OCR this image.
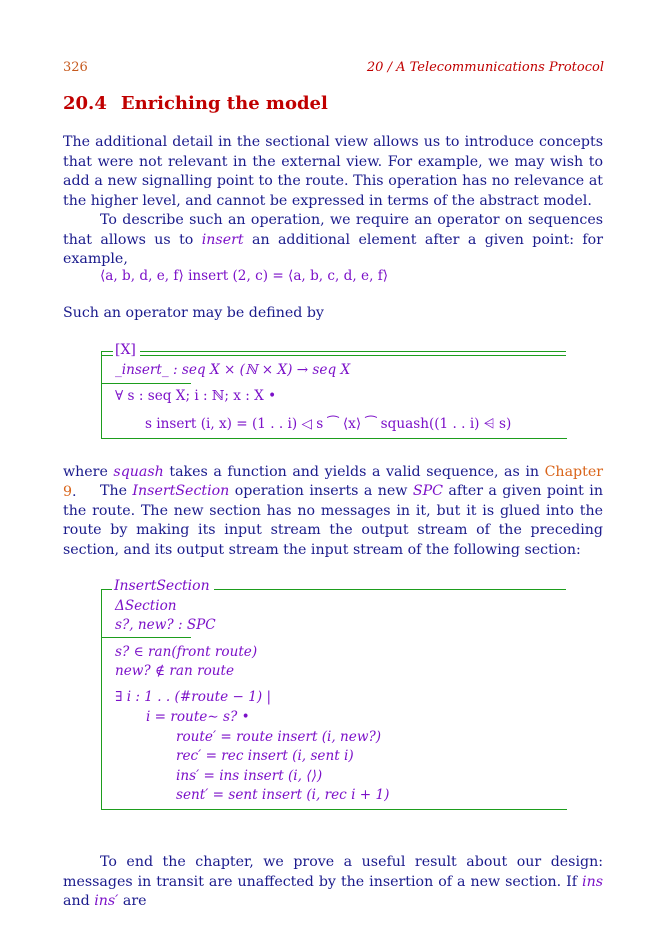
326	20 / A Telecommunications Protocol
20.4 Enriching the model
The additional detail in the sectional view allows us to introduce concepts that were not relevant in the external view. For example, we may wish to add a new signalling point to the route. This operation has no relevance at the higher level, and cannot be expressed in terms of the abstract model.
To describe such an operation, we require an operator on sequences that allows us to insert an additional element after a given point: for example,
⟨a, b, d, e, f⟩ insert (2, c) = ⟨a, b, c, d, e, f⟩
Such an operator may be defined by
[X]
_insert_ : seq X × (ℕ × X) → seq X
∀ s : seq X; i : ℕ; x : X •
s insert (i, x) = (1 . . i) ◁ s ⁀ ⟨x⟩ ⁀ squash((1 . . i) ⩤ s)
where squash takes a function and yields a valid sequence, as in Chapter 9.	The InsertSection operation inserts a new SPC after a given point in the route. The new section has no messages in it, but it is glued into the route by making its input stream the output stream of the preceding section, and its output stream the input stream of the following section:
InsertSection
ΔSection
s?, new? : SPC
s? ∈ ran(front route)
new? ∉ ran route
∃ i : 1 . . (#route − 1) |
i = route∼ s? •
route′ = route insert (i, new?)
rec′ = rec insert (i, sent i)
ins′ = ins insert (i, ⟨⟩)
sent′ = sent insert (i, rec i + 1)
To end the chapter, we prove a useful result about our design: messages in transit are unaffected by the insertion of a new section. If ins and ins′ are
